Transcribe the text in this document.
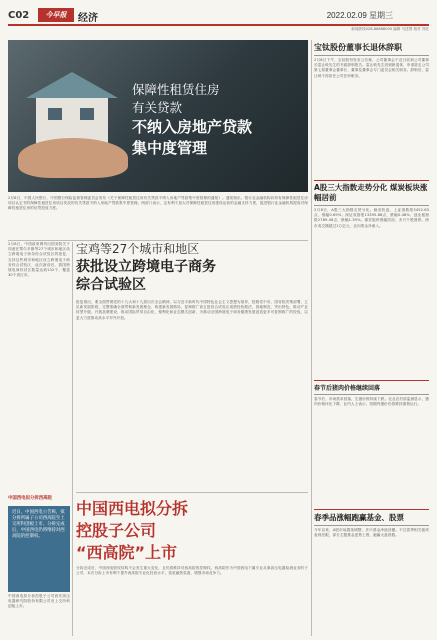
C02	今早报	经济	2022.02.09 星期三
新闻热线028-88888000 编辑 马述贤 校对 苏旺
保障性租赁住房
有关贷款
不纳入房地产贷款
集中度管理
2月8日，中国人民银行、中国银行保险监督管理委员会发布《关于保障性租赁住房有关贷款不纳入房地产贷款集中度管理的通知》。通知指出，银行业金融机构向持有保障性租赁住房项目认定书的保障性租赁住房项目发放的有关贷款不纳入房地产贷款集中度管理。两部门表示，这有利于加大对保障性租赁住房建设运营的金融支持力度，促进银行业金融机构提高对保障性租赁住房的信贷投放力度。
2月8日，中国政府网刊出国务院关于同意在鄂尔多斯等27个城市和地区设立跨境电子商务综合试验区的批复，支持这些城市和地区设立跨境电子商务综合试验区，此次新设后，我国跨境电商综试区数量达到132个，覆盖30个省区市。
宝鸡等27个城市和地区
获批设立跨境电子商务
综合试验区
批复指出，要全面贯彻党的十九大和十九届历次全会精神，以习近平新时代中国特色社会主义思想为指导，按照党中央、国务院决策部署，立足新发展阶段、完整准确全面贯彻新发展理念、构建新发展格局，复制推广前五批综合试验区成熟经验做法，因地制宜，突出特色，推动产业转型升级，开展品牌建设，推动国际贸易自由化、便利化和业态模式创新，为推动全国跨境电子商务健康发展创造更多可复制推广的经验，以更大力度推动高水平对外开放。
中国西电拟分拆西高院
近日，中国西电公告称，拟分拆所属子公司西高院至上交所科创板上市。分拆完成后，中国西电仍将维持对西高院的控制权。
中国西电拟分拆控股子公司西安高压电器研究院股份有限公司至上交所科创板上市。
中国西电拟分拆
控股子公司
“西高院”上市
分拆完成后，中国西电股权结构不会发生重大变化，且仍将维持对西高院的控制权。西高院作为中国西电下属专业从事高压电器检测业务的子公司，本次分拆上市有利于提升西高院专业化经营水平，拓宽融资渠道，增强市场竞争力。
宝钛股份董事长退休辞职
2月8日下午，宝钛股份发布公告称，公司董事会于近日收到公司董事长雷让岐先生的书面辞职报告。雷让岐先生因到龄退休，申请辞去公司第七届董事会董事长、董事及董事会专门委员会相关职务。辞职后，雷让岐不再担任公司任何职务。
A股三大指数走势分化 煤炭板块涨幅居前
2月8日，A股三大指数走势分化。截至收盘，上证指数报3452.63点，涨幅0.69%；深证成指报13395.88点，跌幅0.48%；创业板指报2789.46点，跌幅1.39%。煤炭板块涨幅居前，多只个股涨停。两市成交额超过1万亿元，北向资金净流入。
春节后猪肉价格继续回落
春节后，市场需求回落，生猪价格持续下跌。农业农村部监测显示，猪肉价格环比下降，业内人士表示，短期内猪价仍将维持弱势运行。
春季品涨幅跑赢基金、股票
今年以来，A股市场震荡调整，多只基金净值回撤。不过春季相关板块表现亮眼，部分主题基金逆势上涨，跑赢大盘指数。
